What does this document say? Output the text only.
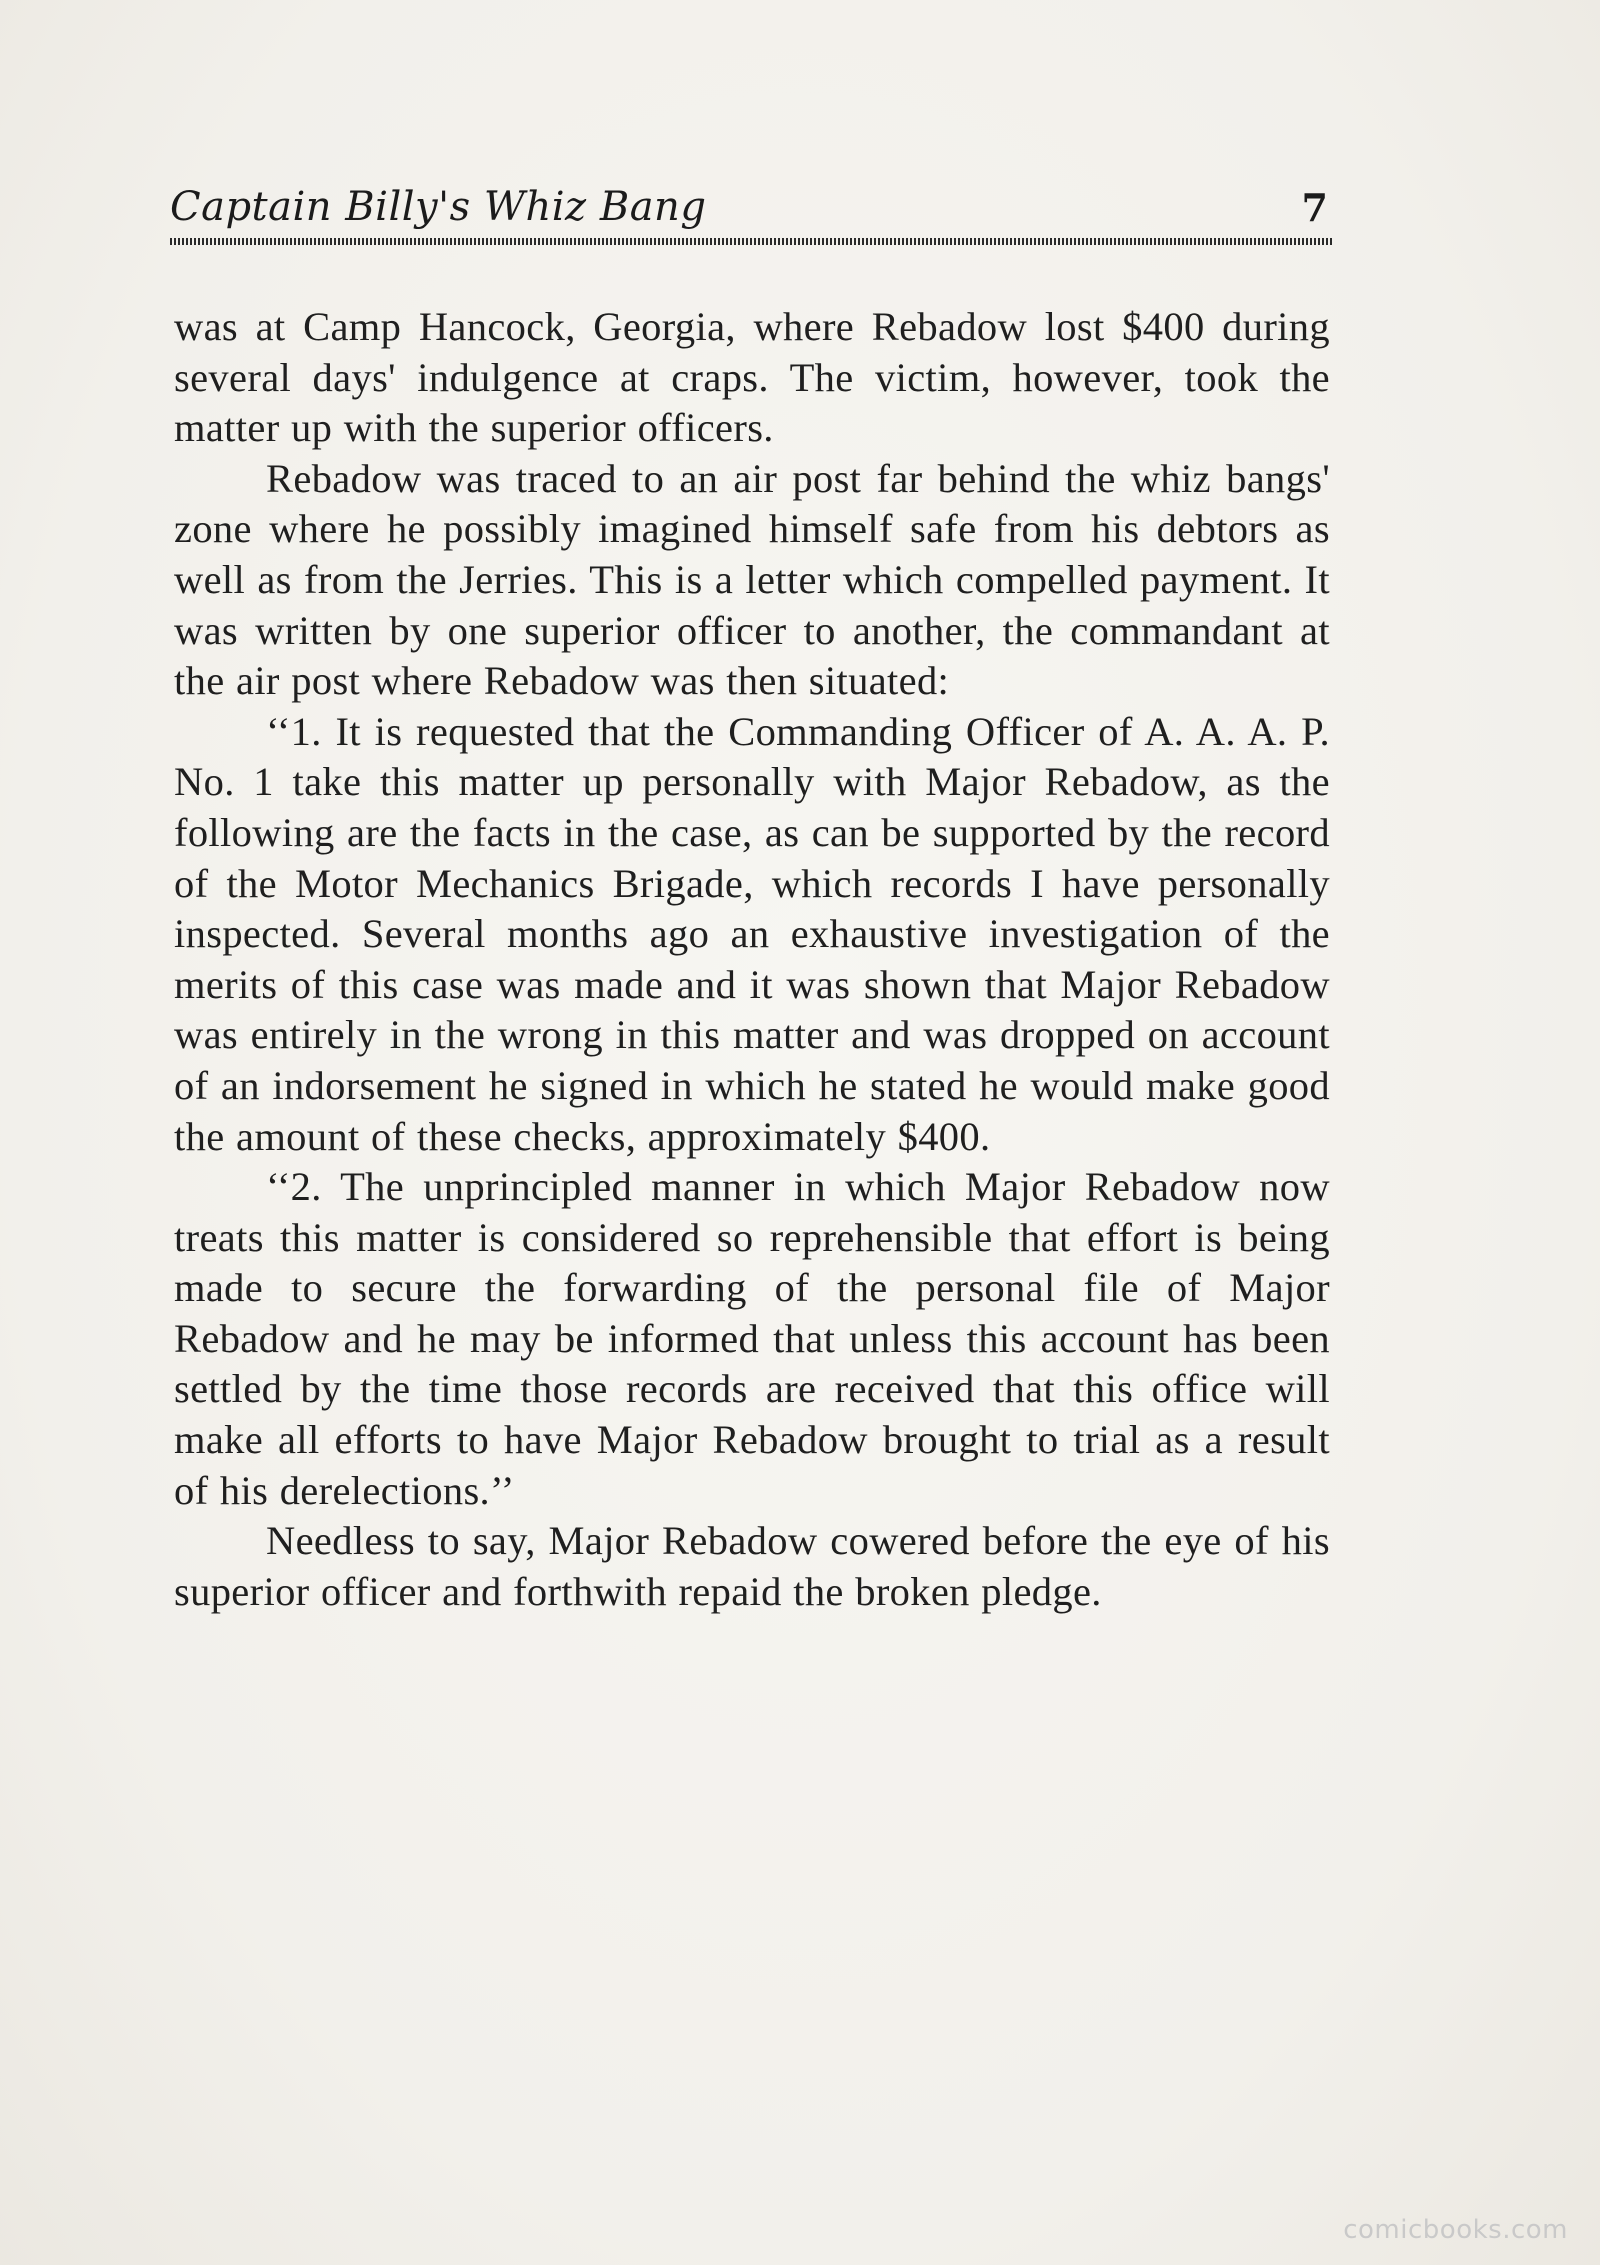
Captain Billy's Whiz Bang	7

was at Camp Hancock, Georgia, where Rebadow lost $400 during several days' indulgence at craps. The victim, however, took the matter up with the superior officers.

Rebadow was traced to an air post far behind the whiz bangs' zone where he possibly imagined himself safe from his debtors as well as from the Jerries. This is a letter which compelled payment. It was written by one superior officer to another, the commandant at the air post where Rebadow was then situated:

‘‘1. It is requested that the Commanding Officer of A. A. A. P. No. 1 take this matter up personally with Major Rebadow, as the following are the facts in the case, as can be supported by the record of the Motor Mechanics Brigade, which records I have personally inspected. Several months ago an exhaustive investigation of the merits of this case was made and it was shown that Major Rebadow was entirely in the wrong in this matter and was dropped on account of an indorsement he signed in which he stated he would make good the amount of these checks, approximately $400.

‘‘2. The unprincipled manner in which Major Rebadow now treats this matter is considered so reprehensible that effort is being made to secure the forwarding of the personal file of Major Rebadow and he may be informed that unless this account has been settled by the time those records are received that this office will make all efforts to have Major Rebadow brought to trial as a result of his derelections.’’

Needless to say, Major Rebadow cowered before the eye of his superior officer and forthwith repaid the broken pledge.

comicbooks.com
